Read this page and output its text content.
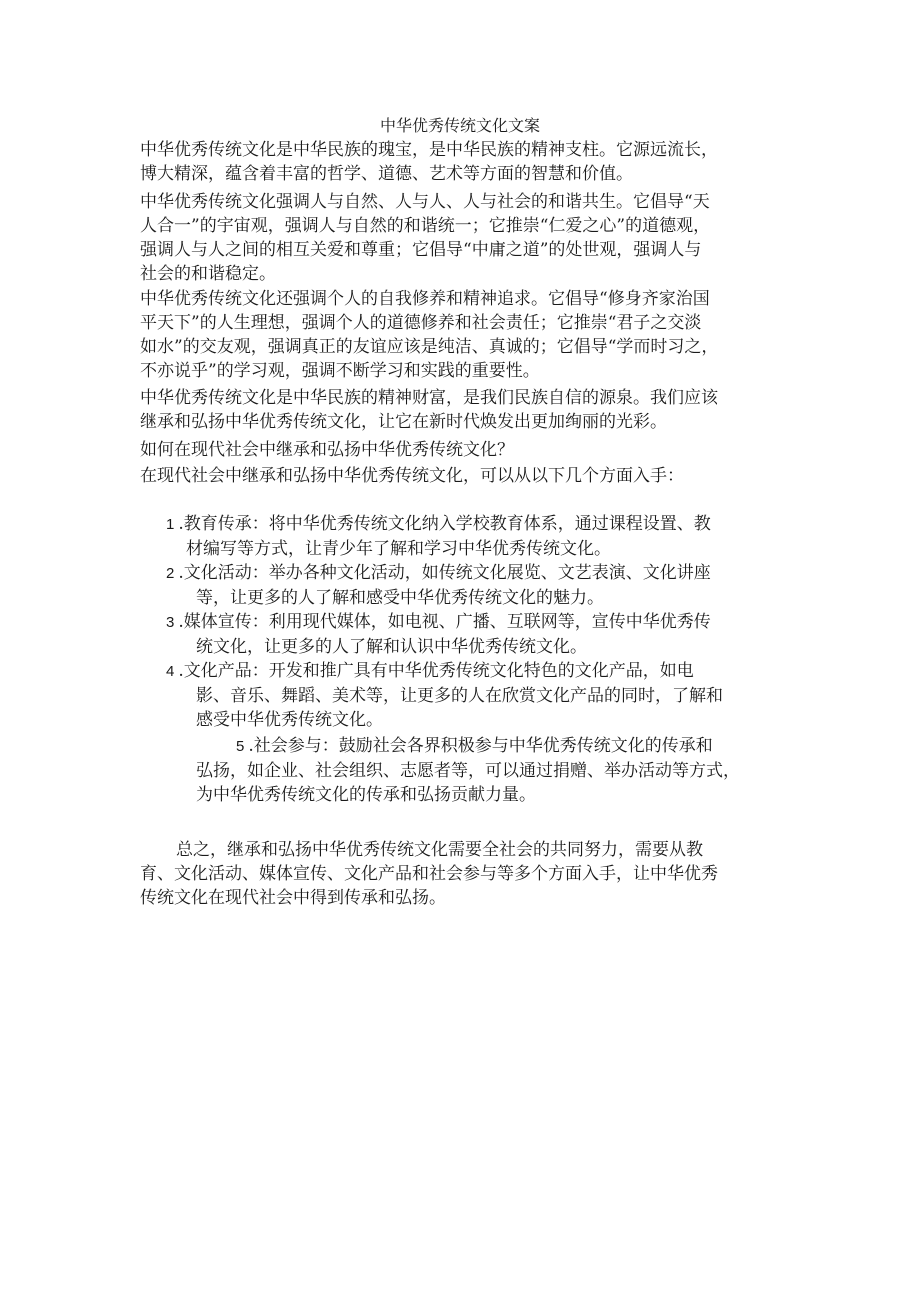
中华优秀传统文化文案

中华优秀传统文化是中华民族的瑰宝，是中华民族的精神支柱。它源远流长，
博大精深，蕴含着丰富的哲学、道德、艺术等方面的智慧和价值。

中华优秀传统文化强调人与自然、人与人、人与社会的和谐共生。它倡导“天
人合一”的宇宙观，强调人与自然的和谐统一；它推崇“仁爱之心”的道德观，
强调人与人之间的相互关爱和尊重；它倡导“中庸之道”的处世观，强调人与
社会的和谐稳定。

中华优秀传统文化还强调个人的自我修养和精神追求。它倡导“修身齐家治国
平天下”的人生理想，强调个人的道德修养和社会责任；它推崇“君子之交淡
如水”的交友观，强调真正的友谊应该是纯洁、真诚的；它倡导“学而时习之，
不亦说乎”的学习观，强调不断学习和实践的重要性。

中华优秀传统文化是中华民族的精神财富，是我们民族自信的源泉。我们应该
继承和弘扬中华优秀传统文化，让它在新时代焕发出更加绚丽的光彩。

如何在现代社会中继承和弘扬中华优秀传统文化？

在现代社会中继承和弘扬中华优秀传统文化，可以从以下几个方面入手：

1 .教育传承：将中华优秀传统文化纳入学校教育体系，通过课程设置、教
材编写等方式，让青少年了解和学习中华优秀传统文化。
2 .文化活动：举办各种文化活动，如传统文化展览、文艺表演、文化讲座
等，让更多的人了解和感受中华优秀传统文化的魅力。
3 .媒体宣传：利用现代媒体，如电视、广播、互联网等，宣传中华优秀传
统文化，让更多的人了解和认识中华优秀传统文化。
4 .文化产品：开发和推广具有中华优秀传统文化特色的文化产品，如电
影、音乐、舞蹈、美术等，让更多的人在欣赏文化产品的同时，了解和
感受中华优秀传统文化。
5 .社会参与：鼓励社会各界积极参与中华优秀传统文化的传承和
弘扬，如企业、社会组织、志愿者等，可以通过捐赠、举办活动等方式，
为中华优秀传统文化的传承和弘扬贡献力量。

总之，继承和弘扬中华优秀传统文化需要全社会的共同努力，需要从教
育、文化活动、媒体宣传、文化产品和社会参与等多个方面入手，让中华优秀
传统文化在现代社会中得到传承和弘扬。
